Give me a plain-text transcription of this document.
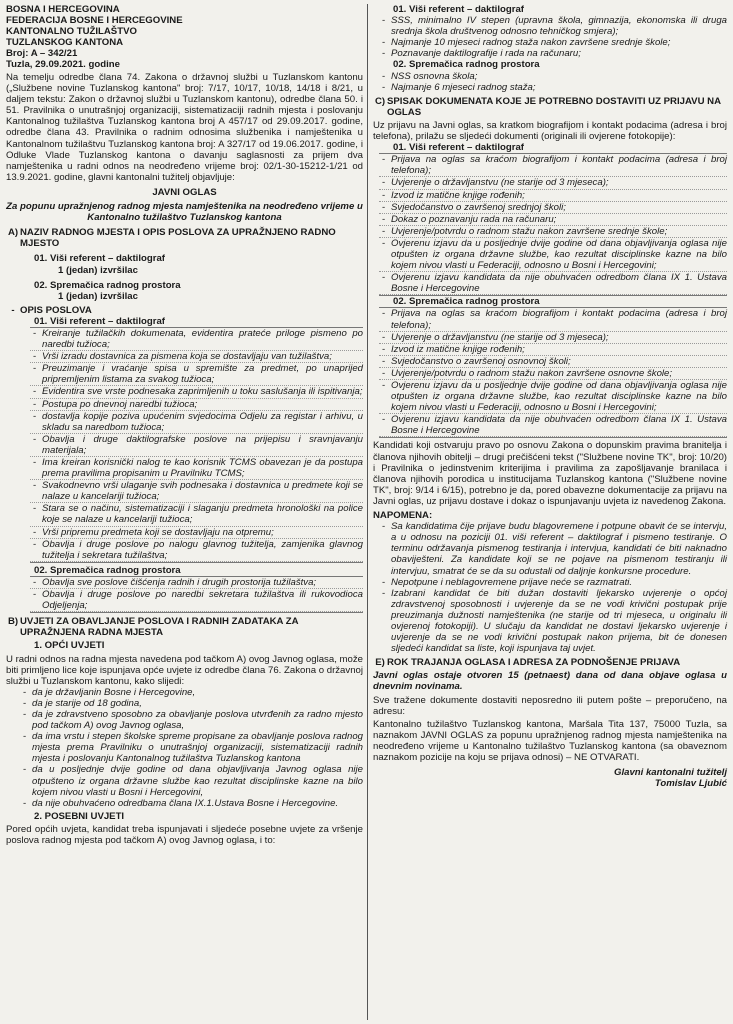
BOSNA I HERCEGOVINA

FEDERACIJA BOSNE I HERCEGOVINE

KANTONALNO TUŽILAŠTVO

TUZLANSKOG KANTONA

Broj: A – 342/21

Tuzla, 29.09.2021. godine

Na temelju odredbe člana 74. Zakona o državnoj službi u Tuzlanskom kantonu („Službene novine Tuzlanskog kantona" broj: 7/17, 10/17, 10/18, 14/18 i 8/21, u daljem tekstu: Zakon o državnoj službi u Tuzlanskom kantonu), odredbe člana 50. i 51. Pravilnika o unutrašnjoj organizaciji, sistematizaciji radnih mjesta i poslovanju Kantonalnog tužilaštva Tuzlanskog kantona broj A 457/17 od 29.09.2017. godine, odredbe člana 43. Pravilnika o radnim odnosima službenika i namještenika u Kantonalnom tužilaštvu Tuzlanskog kantona broj: A 327/17 od 19.06.2017. godine, i Odluke Vlade Tuzlanskog kantona o davanju saglasnosti za prijem dva namještenika u radni odnos na neodređeno vrijeme broj: 02/1-30-15212-1/21 od 13.9.2021. godine, glavni kantonalni tužitelj objavljuje:

JAVNI OGLAS

Za popunu upražnjenog radnog mjesta namještenika na neodređeno vrijeme u Kantonalno tužilaštvo Tuzlanskog kantona

A) NAZIV RADNOG MJESTA I OPIS POSLOVA ZA UPRAŽNJENO RADNO MJESTO

01. Viši referent – daktilograf

1 (jedan) izvršilac

02. Spremačica radnog prostora

1 (jedan) izvršilac

- OPIS POSLOVA

01. Viši referent – daktilograf

- Kreiranje tužilačkih dokumenata, evidentira prateće priloge pismeno po naredbi tužioca;
- Vrši izradu dostavnica za pismena koja se dostavljaju van tužilaštva;
- Preuzimanje i vraćanje spisa u spremište za predmet, po unaprijed pripremljenim listama za svakog tužioca;
- Evidentira sve vrste podnesaka zaprimljenih u toku saslušanja ili ispitivanja;
- Postupa po dnevnoj naredbi tužioca;
- dostavlja kopije pozivа upućenim svjedocima Odjelu za registar i arhivu, u skladu sa naredbom tužioca;
- Obavlja i druge daktilografske poslove na prijepisu i sravnjavanju materijala;
- Ima kreiran korisnički nalog te kao korisnik TCMS obavezan je da postupa prema pravilima propisanim u Pravilniku TCMS;
- Svakodnevno vrši ulaganje svih podnesaka i dostavnica u predmete koji se nalaze u kancelariji tužioca;
- Stara se o načinu, sistematizaciji i slaganju predmeta hronološki na police koje se nalaze u kancelariji tužioca;
- Vrši pripremu predmeta koji se dostavljaju na otpremu;
- Obavlja i druge poslove po nalogu glavnog tužitelja, zamjenika glavnog tužitelja i sekretara tužilaštva;

02. Spremačica radnog prostora

- Obavlja sve poslove čišćenja radnih i drugih prostorija tužilaštva;
- Obavlja i druge poslove po naredbi sekretara tužilaštva ili rukovodioca Odjeljenja;
B) UVJETI ZA OBAVLJANJE POSLOVA I RADNIH ZADATAKA ZA UPRAŽNJENA RADNA MJESTA

1. OPĆI UVJETI

U radni odnos na radna mjesta navedena pod tačkom A) ovog Javnog oglasa, može biti primljeno lice koje ispunjava opće uvjete iz odredbe člana 76. Zakona o državnoj službi u Tuzlanskom kantonu, kako slijedi:

- da je državljanin Bosne i Hercegovine,
- da je starije od 18 godina,
- da je zdravstveno sposobno za obavljanje poslova utvrđenih za radno mjesto pod tačkom A) ovog Javnog oglasa,
- da ima vrstu i stepen školske spreme propisane za obavljanje poslova radnog mjesta prema Pravilniku o unutrašnjoj organizaciji, sistematizaciji radnih mjesta i poslovanju Kantonalnog tužilaštva Tuzlanskog kantona
- da u posljednje dvije godine od dana objavljivanja Javnog oglasa nije otpušteno iz organa državne službe kao rezultat disciplinske kazne na bilo kojem nivou vlasti u Bosni i Hercegovini,
- da nije obuhvaćeno odredbama člana IX.1.Ustava Bosne i Hercegovine.

2. POSEBNI UVJETI

Pored općih uvjeta, kandidat treba ispunjavati i sljedeće posebne uvjete za vršenje poslova radnog mjesta pod tačkom A) ovog Javnog oglasa, i to:

01. Viši referent – daktilograf

- SSS, minimalno IV stepen (upravna škola, gimnazija, ekonomska ili druga srednja škola društvenog odnosno tehničkog smjera);
- Najmanje 10 mjeseci radnog staža nakon završene srednje škole;
- Poznavanje daktilografije i rada na računaru;

02. Spremačica radnog prostora

- NSS osnovna škola;
- Najmanje 6 mjeseci radnog staža;
C) SPISAK DOKUMENATA KOJE JE POTREBNO DOSTAVITI UZ PRIJAVU NA OGLAS

Uz prijavu na Javni oglas, sa kratkom biografijom i kontakt podacima (adresa i broj telefona), prilažu se sljedeći dokumenti (originali ili ovjerene fotokopije):

01. Viši referent – daktilograf

- Prijava na oglas sa kraćom biografijom i kontakt podacima (adresa i broj telefona);
- Uvjerenje o državljanstvu (ne starije od 3 mjeseca);
- Izvod iz matične knjige rođenih;
- Svjedočanstvo o završenoj srednjoj školi;
- Dokaz o poznavanju rada na računaru;
- Uvjerenje/potvrdu o radnom stažu nakon završene srednje škole;
- Ovjerenu izjavu da u posljednje dvije godine od dana objavljivanja oglasa nije otpušten iz organa državne službe, kao rezultat disciplinske kazne na bilo kojem nivou vlasti u Federaciji, odnosno u Bosni i Hercegovini;
- Ovjerenu izjavu kandidata da nije obuhvaćen odredbom člana IX 1. Ustava Bosne i Hercegovine

02. Spremačica radnog prostora

- Prijava na oglas sa kraćom biografijom i kontakt podacima (adresa i broj telefona);
- Uvjerenje o državljanstvu (ne starije od 3 mjeseca);
- Izvod iz matične knjige rođenih;
- Svjedočanstvo o završenoj osnovnoj školi;
- Uvjerenje/potvrdu o radnom stažu nakon završene osnovne škole;
- Ovjerenu izjavu da u posljednje dvije godine od dana objavljivanja oglasa nije otpušten iz organa državne službe, kao rezultat disciplinske kazne na bilo kojem nivou vlasti u Federaciji, odnosno u Bosni i Hercegovini;
- Ovjerenu izjavu kandidata da nije obuhvaćen odredbom člana IX 1. Ustava Bosne i Hercegovine

Kandidati koji ostvaruju pravo po osnovu Zakona o dopunskim pravima branitelja i članova njihovih obitelji – drugi prečišćeni tekst ("Službene novine TK", broj: 10/20) i Pravilnika o jedinstvenim kriterijima i pravilima za zapošljavanje branilaca i članova njihovih porodica u institucijama Tuzlanskog kantona ("Službene novine TK", broj: 9/14 i 6/15), potrebno je da, pored obavezne dokumentacije za prijavu na Javni oglas, uz prijavu dostave i dokaz o ispunjavanju uvjeta iz navedenog Zakona.

NAPOMENA:

- Sa kandidatima čije prijave budu blagovremene i potpune obavit će se intervju, a u odnosu na poziciji 01. viši referent – daktilograf i pismeno testiranje. O terminu održavanja pismenog testiranja i intervjua, kandidati će biti naknadno obaviješteni. Za kandidate koji se ne pojave na pismenom testiranju ili intervjuu, smatrat će se da su odustali od daljnje konkursne procedure.
- Nepotpune i neblagovremene prijave neće se razmatrati.
- Izabrani kandidat će biti dužan dostaviti ljekarsko uvjerenje o općoj zdravstvenoj sposobnosti i uvjerenje da se ne vodi krivični postupak prije preuzimanja dužnosti namještenika (ne starije od tri mjeseca, u originalu ili ovjerenoj fotokopiji). U slučaju da kandidat ne dostavi ljekarsko uvjerenje i uvjerenje da se ne vodi krivični postupak nakon prijema, bit će donesen sljedeći kandidat sa liste, koji ispunjava taj uvjet.
E) ROK TRAJANJA OGLASA I ADRESA ZA PODNOŠENJE PRIJAVA

Javni oglas ostaje otvoren 15 (petnaest) dana od dana objave oglasa u dnevnim novinama.

Sve tražene dokumente dostaviti neposredno ili putem pošte – preporučeno, na adresu:

Kantonalno tužilaštvo Tuzlanskog kantona, Maršala Tita 137, 75000 Tuzla, sa naznakom JAVNI OGLAS za popunu upražnjenog radnog mjesta namještenika na neodređeno vrijeme u Kantonalno tužilaštvo Tuzlanskog kantona (sa obaveznom naznakom pozicije na koju se prijava odnosi) – NE OTVARATI.

Glavni kantonalni tužitelj

Tomislav Ljubić
